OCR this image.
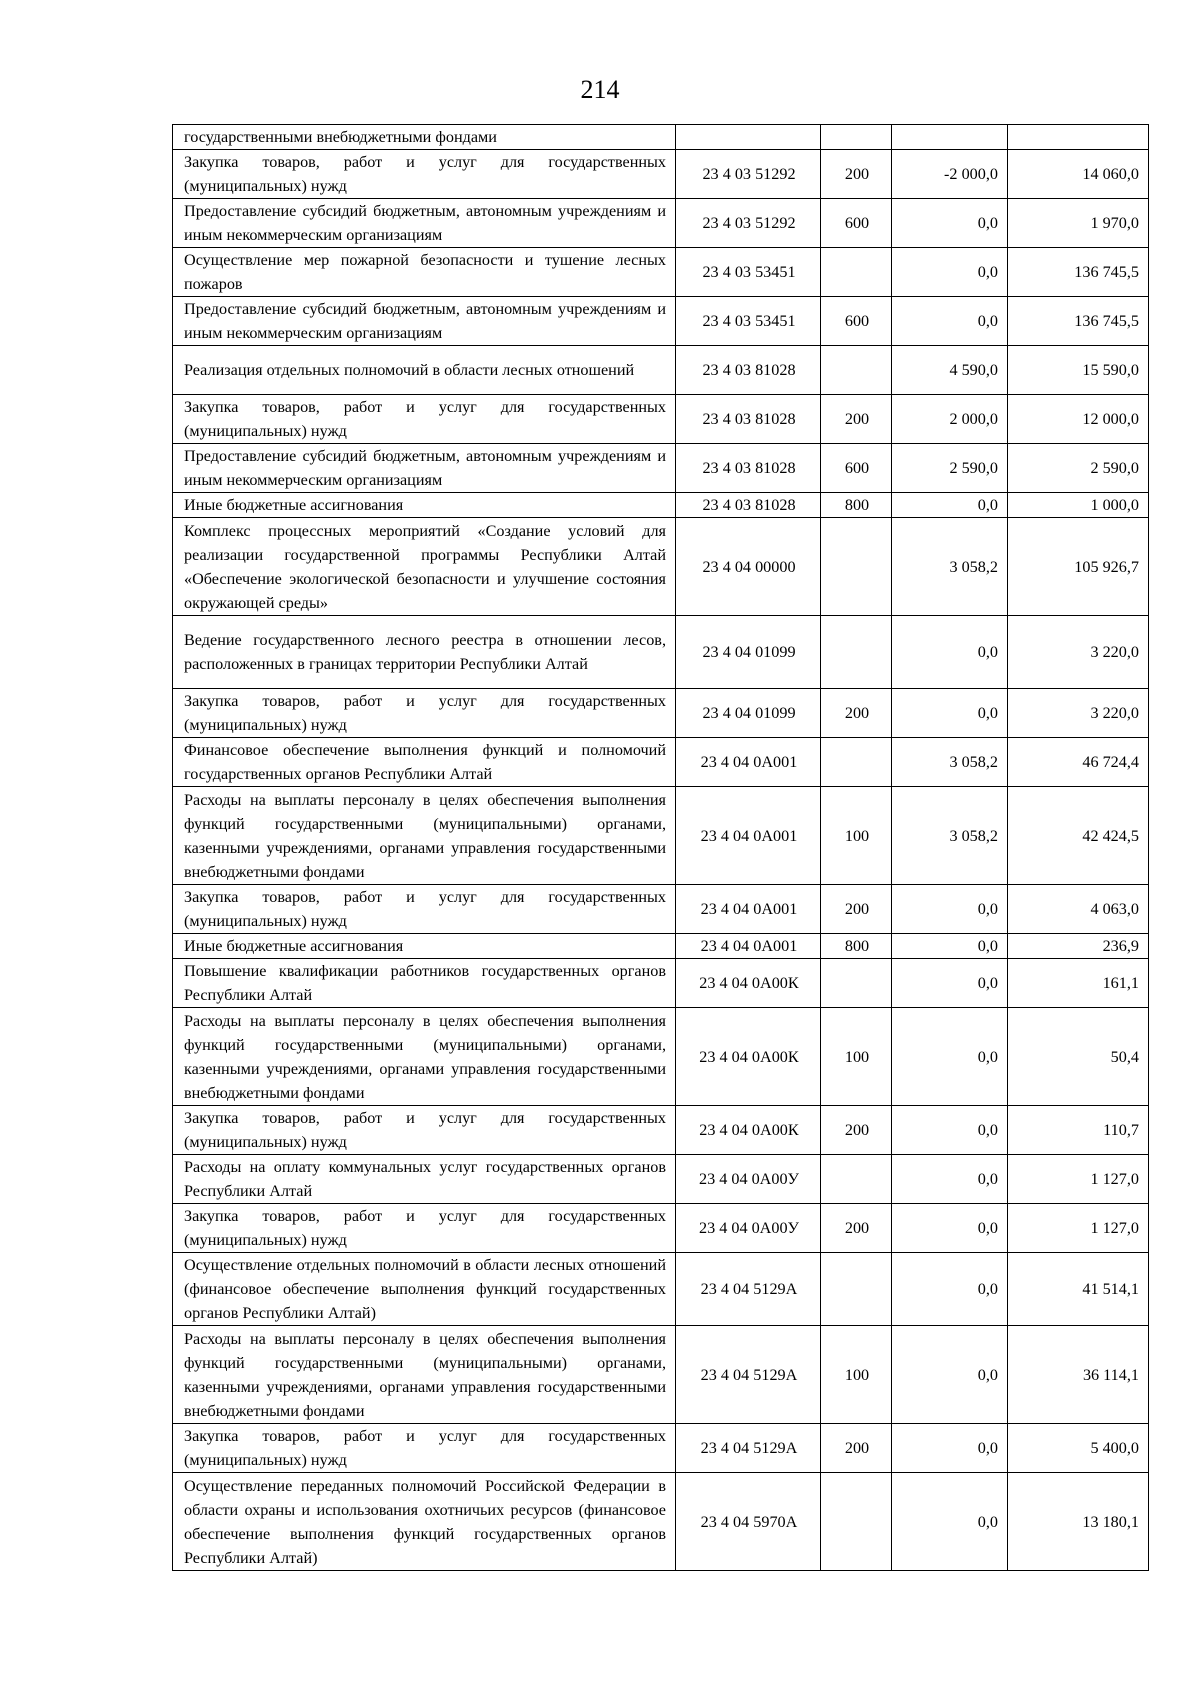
214
государственными внебюджетными фондами				
Закупка товаров, работ и услуг для государственных (муниципальных) нужд	23 4 03 51292	200	-2 000,0	14 060,0
Предоставление субсидий бюджетным, автономным учреждениям и иным некоммерческим организациям	23 4 03 51292	600	0,0	1 970,0
Осуществление мер пожарной безопасности и тушение лесных пожаров	23 4 03 53451		0,0	136 745,5
Предоставление субсидий бюджетным, автономным учреждениям и иным некоммерческим организациям	23 4 03 53451	600	0,0	136 745,5
Реализация отдельных полномочий в области лесных отношений	23 4 03 81028		4 590,0	15 590,0
Закупка товаров, работ и услуг для государственных (муниципальных) нужд	23 4 03 81028	200	2 000,0	12 000,0
Предоставление субсидий бюджетным, автономным учреждениям и иным некоммерческим организациям	23 4 03 81028	600	2 590,0	2 590,0
Иные бюджетные ассигнования	23 4 03 81028	800	0,0	1 000,0
Комплекс процессных мероприятий «Создание условий для реализации государственной программы Республики Алтай «Обеспечение экологической безопасности и улучшение состояния окружающей среды»	23 4 04 00000		3 058,2	105 926,7
Ведение государственного лесного реестра в отношении лесов, расположенных в границах территории Республики Алтай	23 4 04 01099		0,0	3 220,0
Закупка товаров, работ и услуг для государственных (муниципальных) нужд	23 4 04 01099	200	0,0	3 220,0
Финансовое обеспечение выполнения функций и полномочий государственных органов Республики Алтай	23 4 04 0А001		3 058,2	46 724,4
Расходы на выплаты персоналу в целях обеспечения выполнения функций государственными (муниципальными) органами, казенными учреждениями, органами управления государственными внебюджетными фондами	23 4 04 0А001	100	3 058,2	42 424,5
Закупка товаров, работ и услуг для государственных (муниципальных) нужд	23 4 04 0А001	200	0,0	4 063,0
Иные бюджетные ассигнования	23 4 04 0А001	800	0,0	236,9
Повышение квалификации работников государственных органов Республики Алтай	23 4 04 0А00К		0,0	161,1
Расходы на выплаты персоналу в целях обеспечения выполнения функций государственными (муниципальными) органами, казенными учреждениями, органами управления государственными внебюджетными фондами	23 4 04 0А00К	100	0,0	50,4
Закупка товаров, работ и услуг для государственных (муниципальных) нужд	23 4 04 0А00К	200	0,0	110,7
Расходы на оплату коммунальных услуг государственных органов Республики Алтай	23 4 04 0А00У		0,0	1 127,0
Закупка товаров, работ и услуг для государственных (муниципальных) нужд	23 4 04 0А00У	200	0,0	1 127,0
Осуществление отдельных полномочий в области лесных отношений (финансовое обеспечение выполнения функций государственных органов Республики Алтай)	23 4 04 5129А		0,0	41 514,1
Расходы на выплаты персоналу в целях обеспечения выполнения функций государственными (муниципальными) органами, казенными учреждениями, органами управления государственными внебюджетными фондами	23 4 04 5129А	100	0,0	36 114,1
Закупка товаров, работ и услуг для государственных (муниципальных) нужд	23 4 04 5129А	200	0,0	5 400,0
Осуществление переданных полномочий Российской Федерации в области охраны и использования охотничьих ресурсов (финансовое обеспечение выполнения функций государственных органов Республики Алтай)	23 4 04 5970А		0,0	13 180,1
